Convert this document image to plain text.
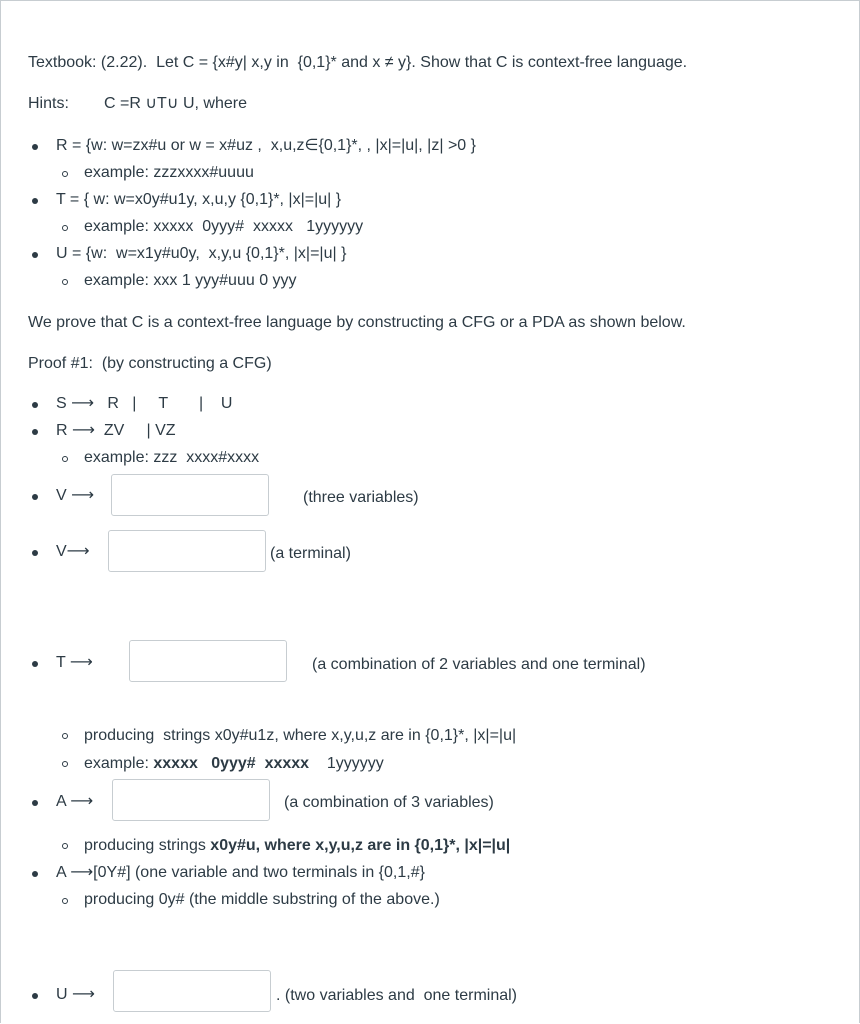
Textbook: (2.22).  Let C = {x#y| x,y in  {0,1}* and x ≠ y}. Show that C is context-free language.
Hints: C =R ∪T∪ U, where
R = {w: w=zx#u or w = x#uz ,  x,u,z∈{0,1}*, , |x|=|u|, |z| >0 }
example: zzzxxxx#uuuu
T = { w: w=x0y#u1y, x,u,y {0,1}*, |x|=|u| }
example: xxxxx  0yyy#  xxxxx   1yyyyyy
U = {w:  w=x1y#u0y,  x,y,u {0,1}*, |x|=|u| }
example: xxx 1 yyy#uuu 0 yyy
We prove that C is a context-free language by constructing a CFG or a PDA as shown below.
Proof #1:  (by constructing a CFG)
S ⟶   R   |     T       |    U
R ⟶  ZV     | VZ
example: zzz  xxxx#xxxx
V ⟶	(three variables)
V⟶	(a terminal)
T ⟶	(a combination of 2 variables and one terminal)
producing  strings x0y#u1z, where x,y,u,z are in {0,1}*, |x|=|u|
example: xxxxx   0yyy#  xxxxx    1yyyyyy
A ⟶	(a combination of 3 variables)
producing strings x0y#u, where x,y,u,z are in {0,1}*, |x|=|u|
A ⟶[0Y#] (one variable and two terminals in {0,1,#}
producing 0y# (the middle substring of the above.)
U ⟶	. (two variables and  one terminal)
